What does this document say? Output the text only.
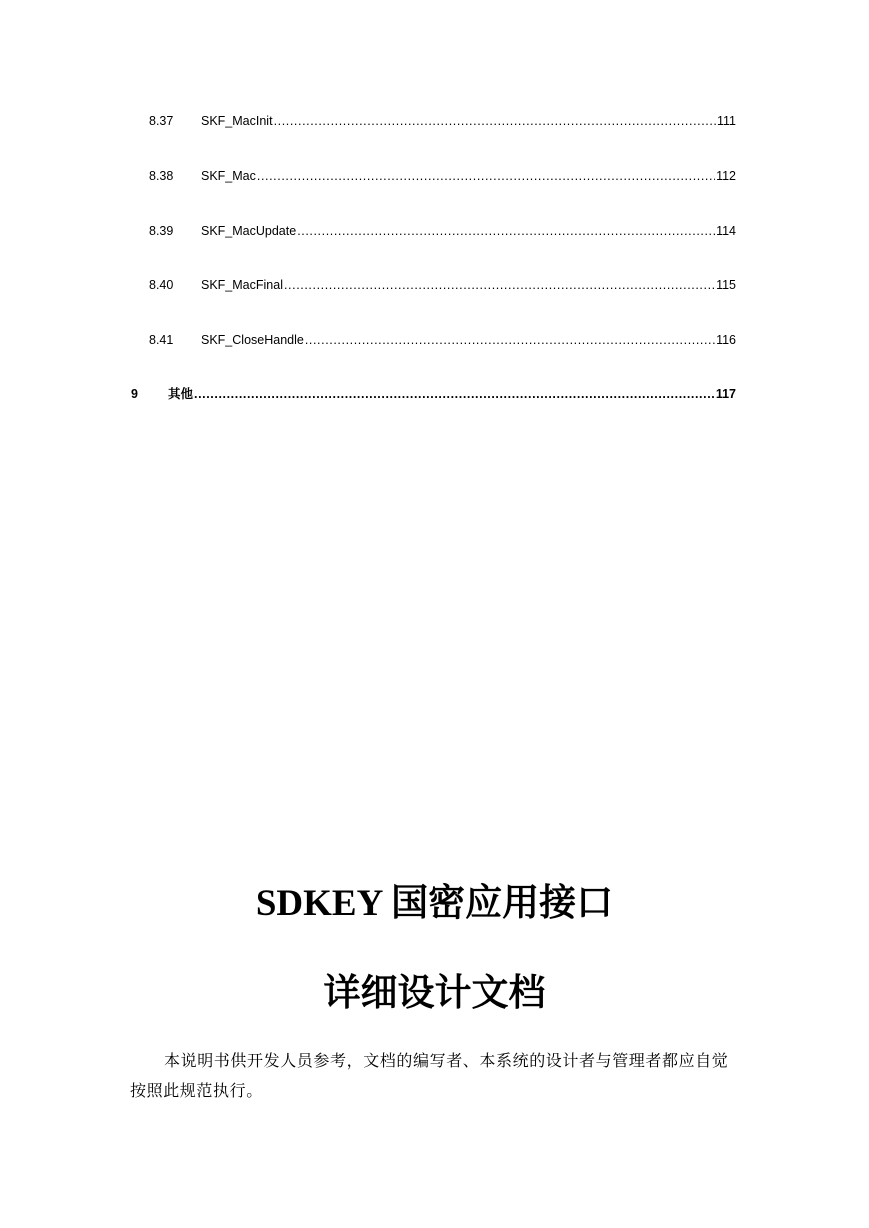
8.37	SKF_MacInit .....	111
8.38	SKF_Mac .....	112
8.39	SKF_MacUpdate .....	114
8.40	SKF_MacFinal .....	115
8.41	SKF_CloseHandle .....	116
9	其他 .....	117
SDKEY 国密应用接口
详细设计文档

本说明书供开发人员参考，文档的编写者、本系统的设计者与管理者都应自觉按照此规范执行。
